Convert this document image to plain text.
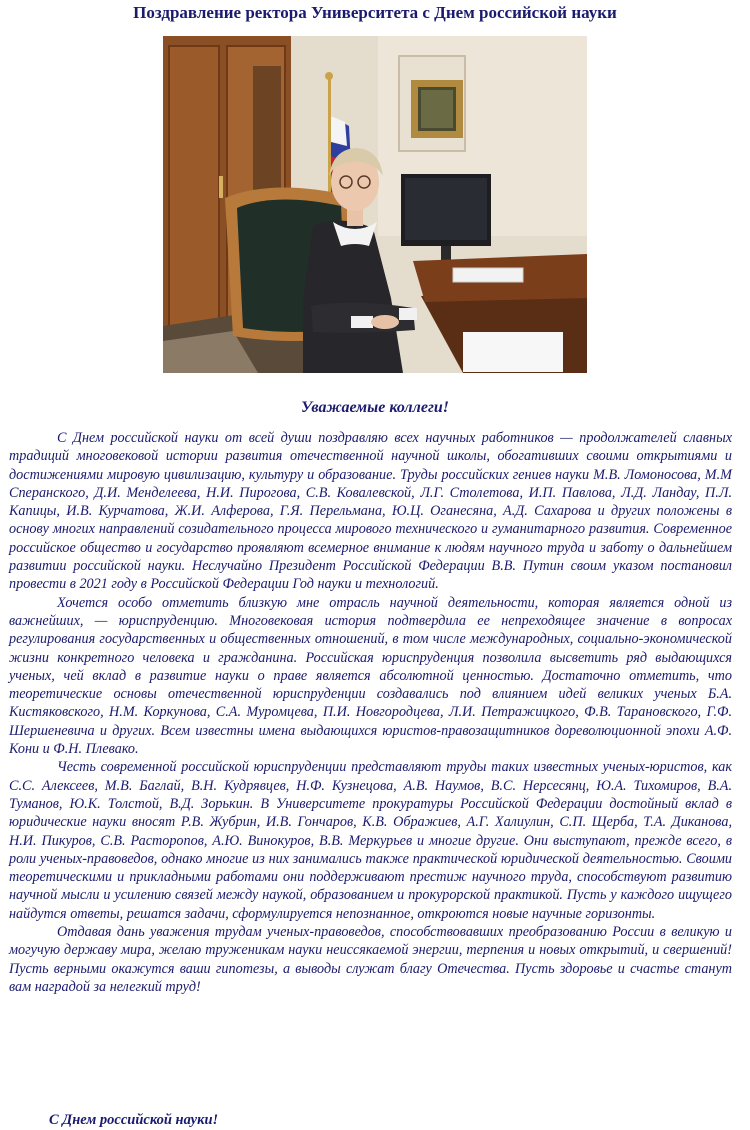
Поздравление ректора Университета с Днем российской науки
Уважаемые коллеги!

С Днем российской науки от всей души поздравляю всех научных работников — продолжателей славных традиций многовековой истории развития отечественной научной школы, обогативших своими открытиями и достижениями мировую цивилизацию, культуру и образование. Труды российских гениев науки М.В. Ломоносова, М.М Сперанского, Д.И. Менделеева, Н.И. Пирогова, С.В. Ковалевской, Л.Г. Столетова, И.П. Павлова, Л.Д. Ландау, П.Л. Капицы, И.В. Курчатова, Ж.И. Алферова, Г.Я. Перельмана, Ю.Ц. Оганесяна, А.Д. Сахарова и других положены в основу многих направлений созидательного процесса мирового технического и гуманитарного развития. Современное российское общество и государство проявляют всемерное внимание к людям научного труда и заботу о дальнейшем развитии российской науки. Неслучайно Президент Российской Федерации В.В. Путин своим указом постановил провести в 2021 году в Российской Федерации Год науки и технологий.

Хочется особо отметить близкую мне отрасль научной деятельности, которая является одной из важнейших, — юриспруденцию. Многовековая история подтвердила ее непреходящее значение в вопросах регулирования государственных и общественных отношений, в том числе международных, социально-экономической жизни конкретного человека и гражданина. Российская юриспруденция позволила высветить ряд выдающихся ученых, чей вклад в развитие науки о праве является абсолютной ценностью. Достаточно отметить, что теоретические основы отечественной юриспруденции создавались под влиянием идей великих ученых Б.А. Кистяковского, Н.М. Коркунова, С.А. Муромцева, П.И. Новгородцева, Л.И. Петражицкого, Ф.В. Тарановского, Г.Ф. Шершеневича и других. Всем известны имена выдающихся юристов-правозащитников дореволюционной эпохи А.Ф. Кони и Ф.Н. Плевако.

Честь современной российской юриспруденции представляют труды таких известных ученых-юристов, как С.С. Алексеев, М.В. Баглай, В.Н. Кудрявцев, Н.Ф. Кузнецова, А.В. Наумов, В.С. Нерсесянц, Ю.А. Тихомиров, В.А. Туманов, Ю.К. Толстой, В.Д. Зорькин. В Университете прокуратуры Российской Федерации достойный вклад в юридические науки вносят Р.В. Жубрин, И.В. Гончаров, К.В. Ображиев, А.Г. Халиулин, С.П. Щерба, Т.А. Диканова, Н.И. Пикуров, С.В. Расторопов, А.Ю. Винокуров, В.В. Меркурьев и многие другие. Они выступают, прежде всего, в роли ученых-правоведов, однако многие из них занимались также практической юридической деятельностью. Своими теоретическими и прикладными работами они поддерживают престиж научного труда, способствуют развитию научной мысли и усилению связей между наукой, образованием и прокурорской практикой. Пусть у каждого ищущего найдутся ответы, решатся задачи, сформулируется непознанное, откроются новые научные горизонты.

Отдавая дань уважения трудам ученых-правоведов, способствовавших преобразованию России в великую и могучую державу мира, желаю труженикам науки неиссякаемой энергии, терпения и новых открытий, и свершений! Пусть верными окажутся ваши гипотезы, а выводы служат благу Отечества. Пусть здоровье и счастье станут вам наградой за нелегкий труд!

С Днем российской науки!
